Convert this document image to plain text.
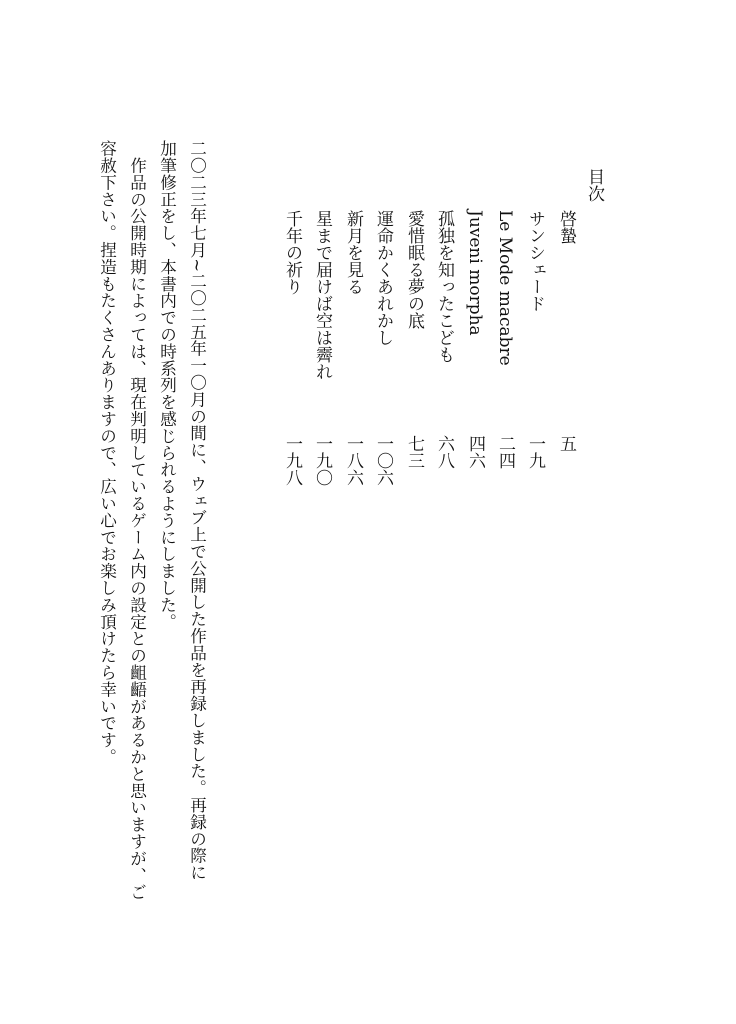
目次
啓蟄
五
サンシェード
一九
Le Mode macabre
二四
Juveni morpha
四六
孤独を知ったこども
六八
愛惜眠る夢の底
七三
運命かくあれかし
一〇六
新月を見る
一八六
星まで届けば空は霽れ
一九〇
千年の祈り
一九八
二〇二三年七月~二〇二五年一〇月の間に、ウェブ上で公開した作品を再録しました。再録の際に
加筆修正をし、本書内での時系列を感じられるようにしました。
　作品の公開時期によっては、現在判明しているゲーム内の設定との齟齬があるかと思いますが、ご
容赦下さい。捏造もたくさんありますので、広い心でお楽しみ頂けたら幸いです。
